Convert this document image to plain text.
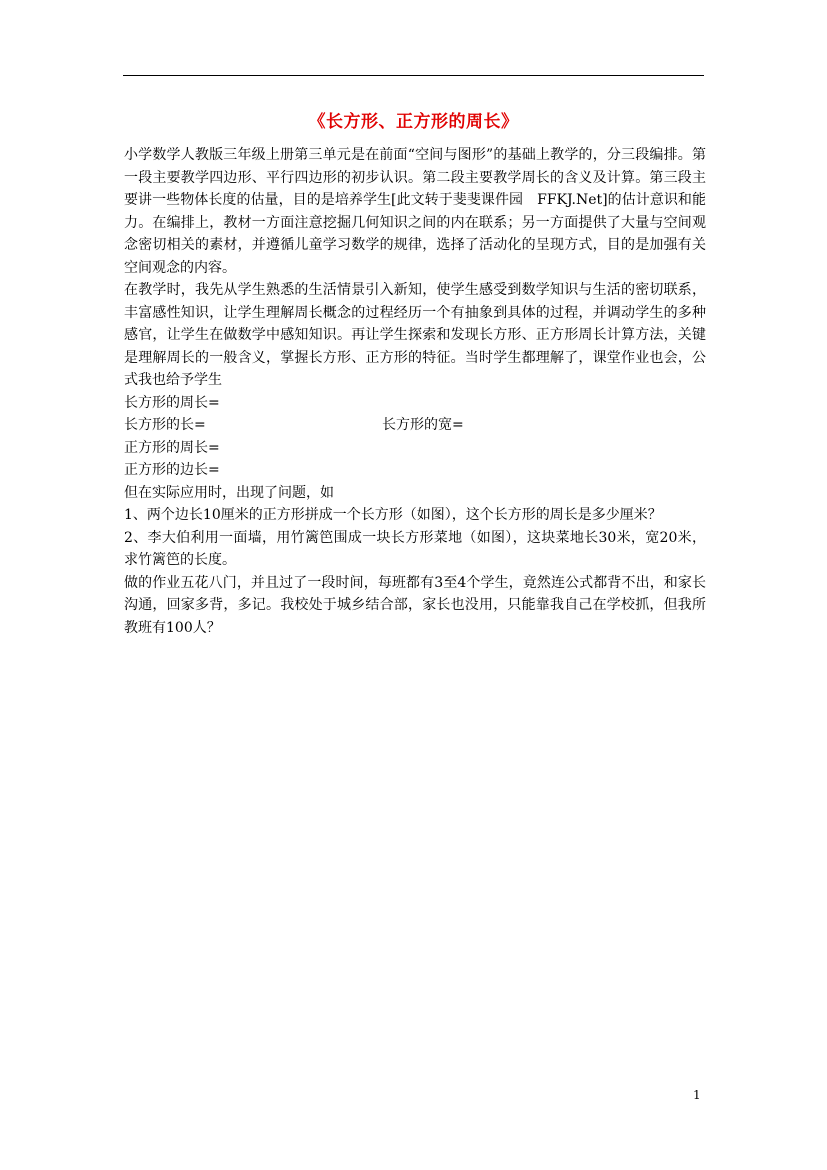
《长方形、正方形的周长》

小学数学人教版三年级上册第三单元是在前面“空间与图形”的基础上教学的，分三段编排。第一段主要教学四边形、平行四边形的初步认识。第二段主要教学周长的含义及计算。第三段主要讲一些物体长度的估量，目的是培养学生[此文转于斐斐课件园　FFKJ.Net]的估计意识和能力。在编排上，教材一方面注意挖掘几何知识之间的内在联系；另一方面提供了大量与空间观念密切相关的素材，并遵循儿童学习数学的规律，选择了活动化的呈现方式，目的是加强有关空间观念的内容。

在教学时，我先从学生熟悉的生活情景引入新知，使学生感受到数学知识与生活的密切联系，丰富感性知识，让学生理解周长概念的过程经历一个有抽象到具体的过程，并调动学生的多种感官，让学生在做数学中感知知识。再让学生探索和发现长方形、正方形周长计算方法，关键是理解周长的一般含义，掌握长方形、正方形的特征。当时学生都理解了，课堂作业也会，公式我也给予学生

长方形的周长=
长方形的长=	长方形的宽=
正方形的周长=
正方形的边长=

但在实际应用时，出现了问题，如

1、两个边长10厘米的正方形拼成一个长方形（如图），这个长方形的周长是多少厘米？

2、李大伯利用一面墙，用竹篱笆围成一块长方形菜地（如图），这块菜地长30米，宽20米，求竹篱笆的长度。

做的作业五花八门，并且过了一段时间，每班都有3至4个学生，竟然连公式都背不出，和家长沟通，回家多背，多记。我校处于城乡结合部，家长也没用，只能靠我自己在学校抓，但我所教班有100人？

1
